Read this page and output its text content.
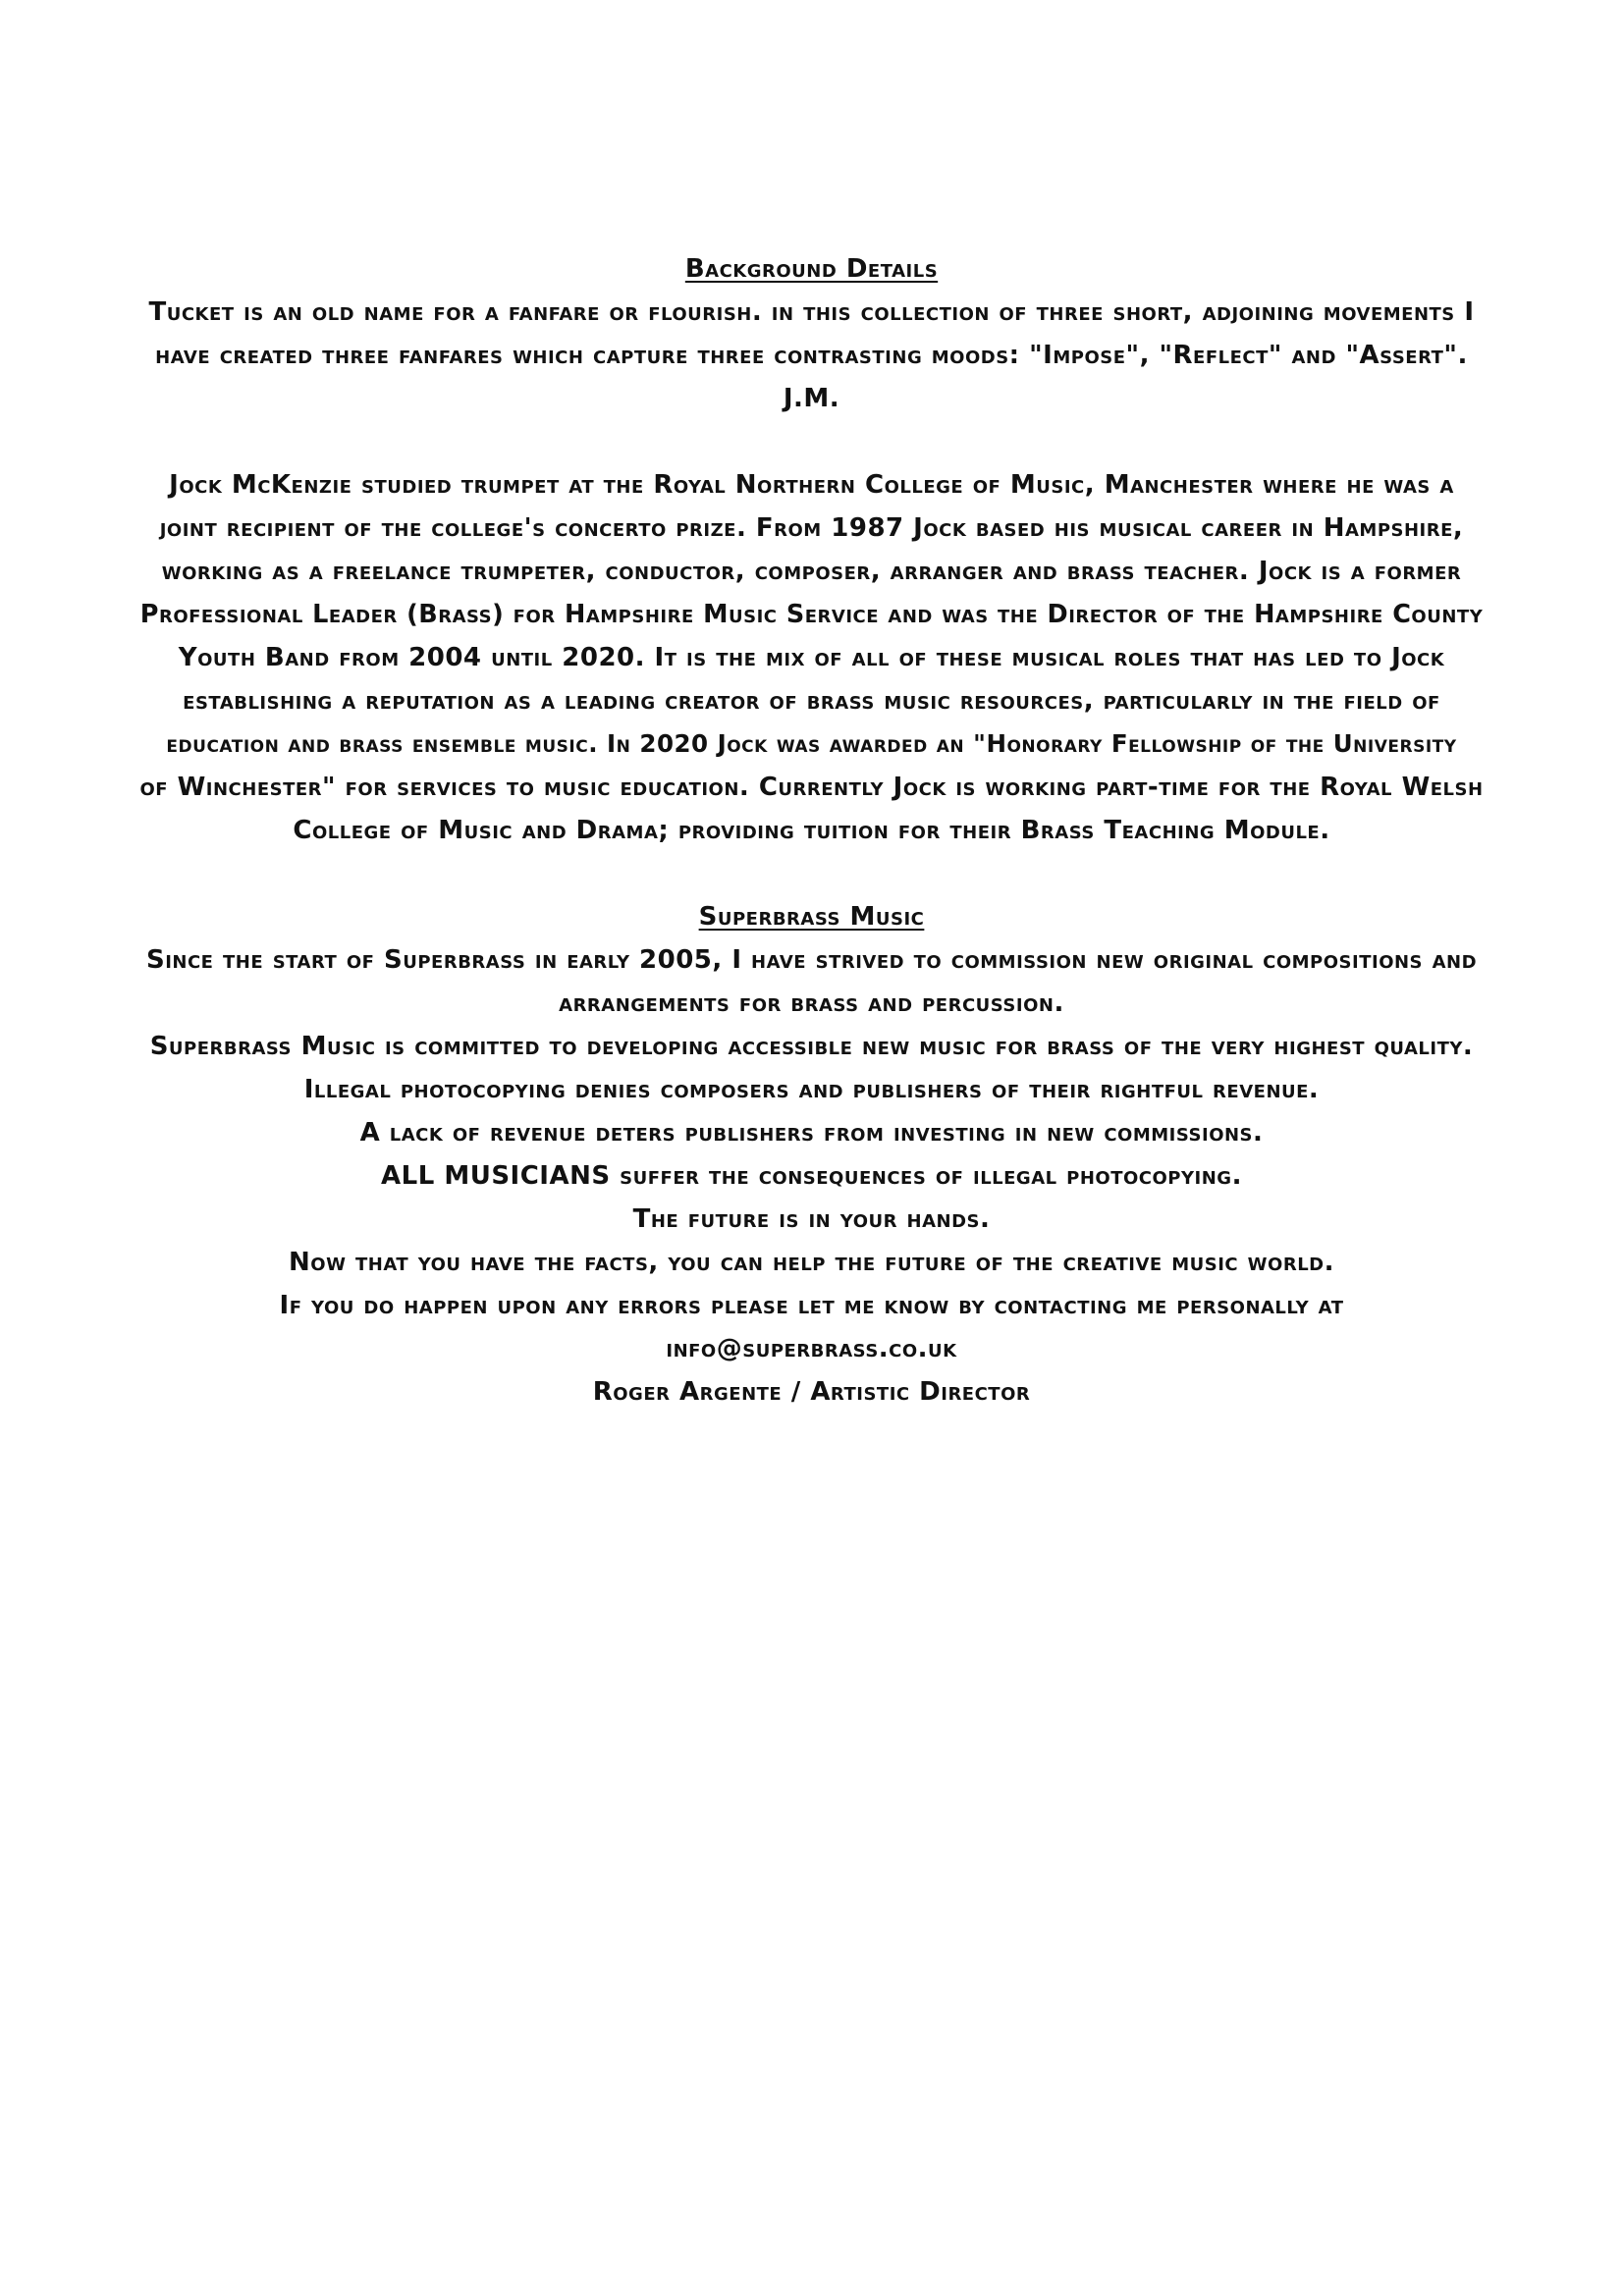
Background Details
Tucket is an old name for a fanfare or flourish. in this collection of three short, adjoining movements I
have created three fanfares which capture three contrasting moods: "Impose", "Reflect" and "Assert".
J.M.
Jock McKenzie studied trumpet at the Royal Northern College of Music, Manchester where he was a
joint recipient of the college's concerto prize. From 1987 Jock based his musical career in Hampshire,
working as a freelance trumpeter, conductor, composer, arranger and brass teacher. Jock is a former
Professional Leader (Brass) for Hampshire Music Service and was the Director of the Hampshire County
Youth Band from 2004 until 2020. It is the mix of all of these musical roles that has led to Jock
establishing a reputation as a leading creator of brass music resources, particularly in the field of
education and brass ensemble music. In 2020 Jock was awarded an "Honorary Fellowship of the University
of Winchester" for services to music education. Currently Jock is working part-time for the Royal Welsh
College of Music and Drama; providing tuition for their Brass Teaching Module.
Superbrass Music
Since the start of Superbrass in early 2005, I have strived to commission new original compositions and
arrangements for brass and percussion.
Superbrass Music is committed to developing accessible new music for brass of the very highest quality.
Illegal photocopying denies composers and publishers of their rightful revenue.
A lack of revenue deters publishers from investing in new commissions.
ALL MUSICIANS suffer the consequences of illegal photocopying.
The future is in your hands.
Now that you have the facts, you can help the future of the creative music world.
If you do happen upon any errors please let me know by contacting me personally at
info@superbrass.co.uk
Roger Argente / Artistic Director
